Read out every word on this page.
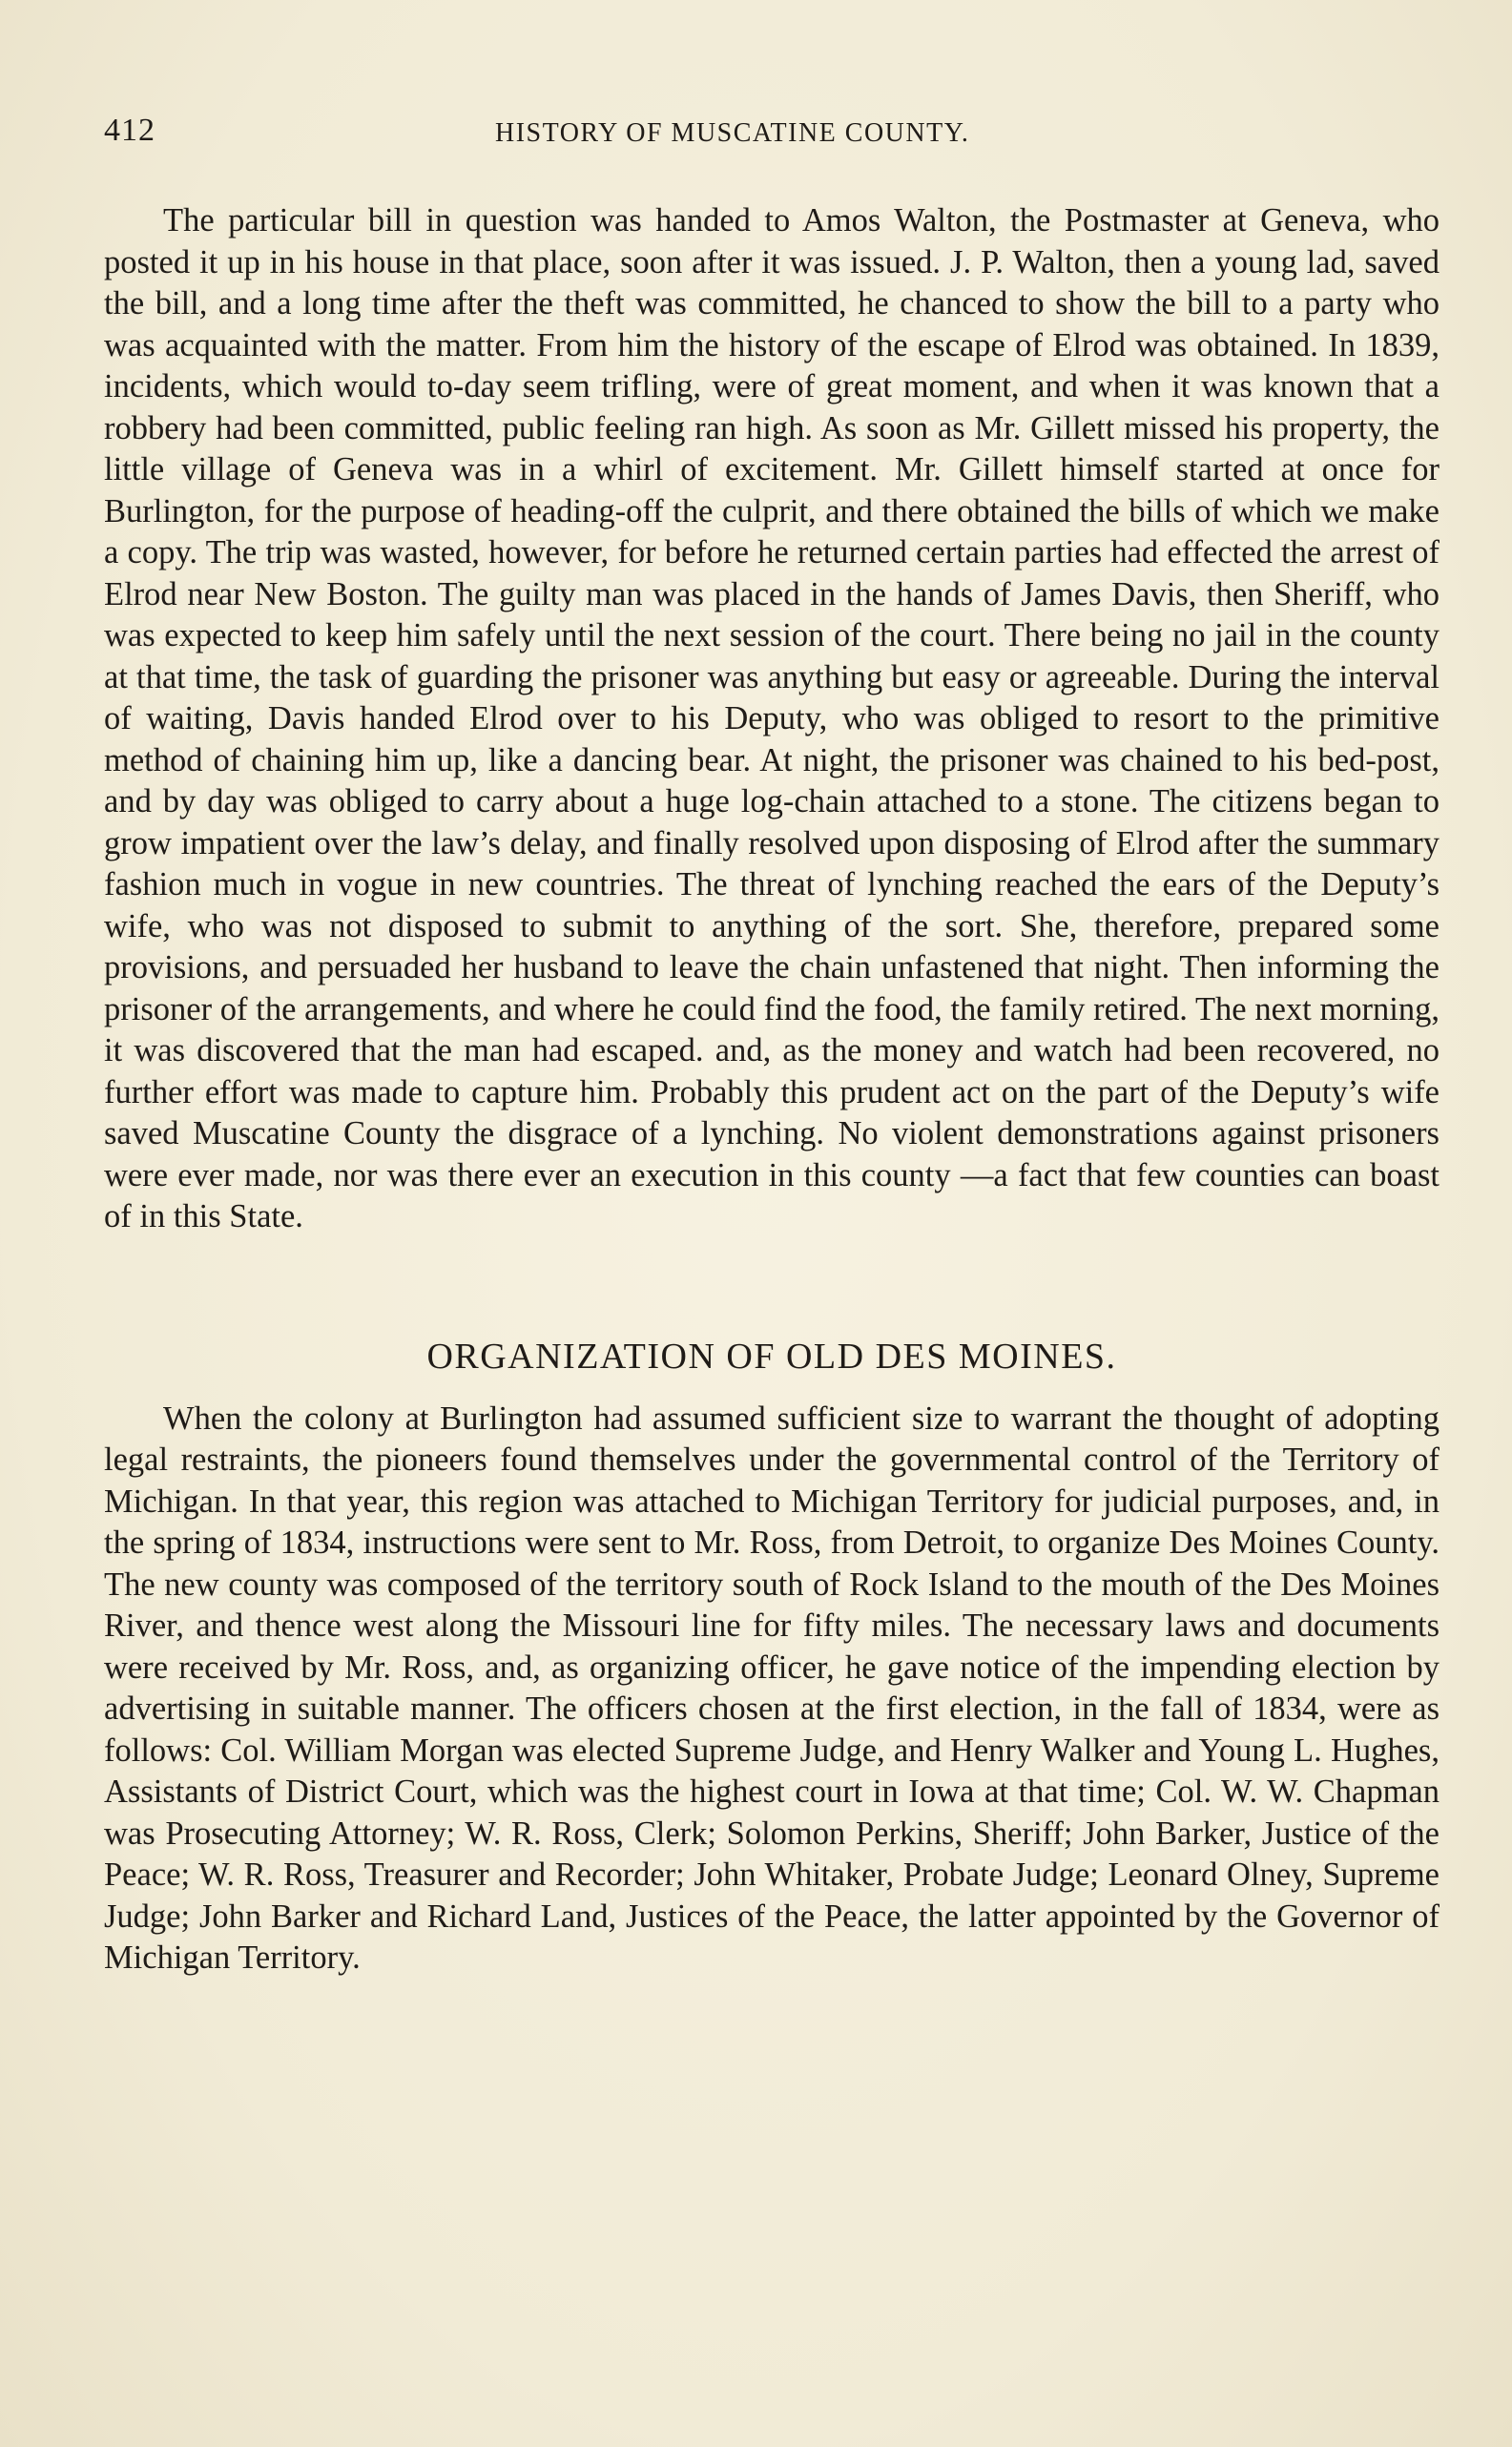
412	HISTORY OF MUSCATINE COUNTY.

The particular bill in question was handed to Amos Walton, the Postmaster at Geneva, who posted it up in his house in that place, soon after it was issued. J. P. Walton, then a young lad, saved the bill, and a long time after the theft was committed, he chanced to show the bill to a party who was acquainted with the matter. From him the history of the escape of Elrod was obtained. In 1839, incidents, which would to-day seem trifling, were of great moment, and when it was known that a robbery had been committed, public feeling ran high. As soon as Mr. Gillett missed his property, the little village of Geneva was in a whirl of excitement. Mr. Gillett himself started at once for Burlington, for the purpose of heading-off the culprit, and there obtained the bills of which we make a copy. The trip was wasted, however, for before he returned certain parties had effected the arrest of Elrod near New Boston. The guilty man was placed in the hands of James Davis, then Sheriff, who was expected to keep him safely until the next session of the court. There being no jail in the county at that time, the task of guarding the prisoner was anything but easy or agreeable. During the interval of waiting, Davis handed Elrod over to his Deputy, who was obliged to resort to the primitive method of chaining him up, like a dancing bear. At night, the prisoner was chained to his bed-post, and by day was obliged to carry about a huge log-chain attached to a stone. The citizens began to grow impatient over the law’s delay, and finally resolved upon disposing of Elrod after the summary fashion much in vogue in new countries. The threat of lynching reached the ears of the Deputy’s wife, who was not disposed to submit to anything of the sort. She, therefore, prepared some provisions, and persuaded her husband to leave the chain unfastened that night. Then informing the prisoner of the arrangements, and where he could find the food, the family retired. The next morning, it was discovered that the man had escaped. and, as the money and watch had been recovered, no further effort was made to capture him. Probably this prudent act on the part of the Deputy’s wife saved Muscatine County the disgrace of a lynching. No violent demonstrations against prisoners were ever made, nor was there ever an execution in this county —a fact that few counties can boast of in this State.

ORGANIZATION OF OLD DES MOINES.

When the colony at Burlington had assumed sufficient size to warrant the thought of adopting legal restraints, the pioneers found themselves under the governmental control of the Territory of Michigan. In that year, this region was attached to Michigan Territory for judicial purposes, and, in the spring of 1834, instructions were sent to Mr. Ross, from Detroit, to organize Des Moines County. The new county was composed of the territory south of Rock Island to the mouth of the Des Moines River, and thence west along the Missouri line for fifty miles. The necessary laws and documents were received by Mr. Ross, and, as organizing officer, he gave notice of the impending election by advertising in suitable manner. The officers chosen at the first election, in the fall of 1834, were as follows: Col. William Morgan was elected Supreme Judge, and Henry Walker and Young L. Hughes, Assistants of District Court, which was the highest court in Iowa at that time; Col. W. W. Chapman was Prosecuting Attorney; W. R. Ross, Clerk; Solomon Perkins, Sheriff; John Barker, Justice of the Peace; W. R. Ross, Treasurer and Recorder; John Whitaker, Probate Judge; Leonard Olney, Supreme Judge; John Barker and Richard Land, Justices of the Peace, the latter appointed by the Governor of Michigan Territory.
